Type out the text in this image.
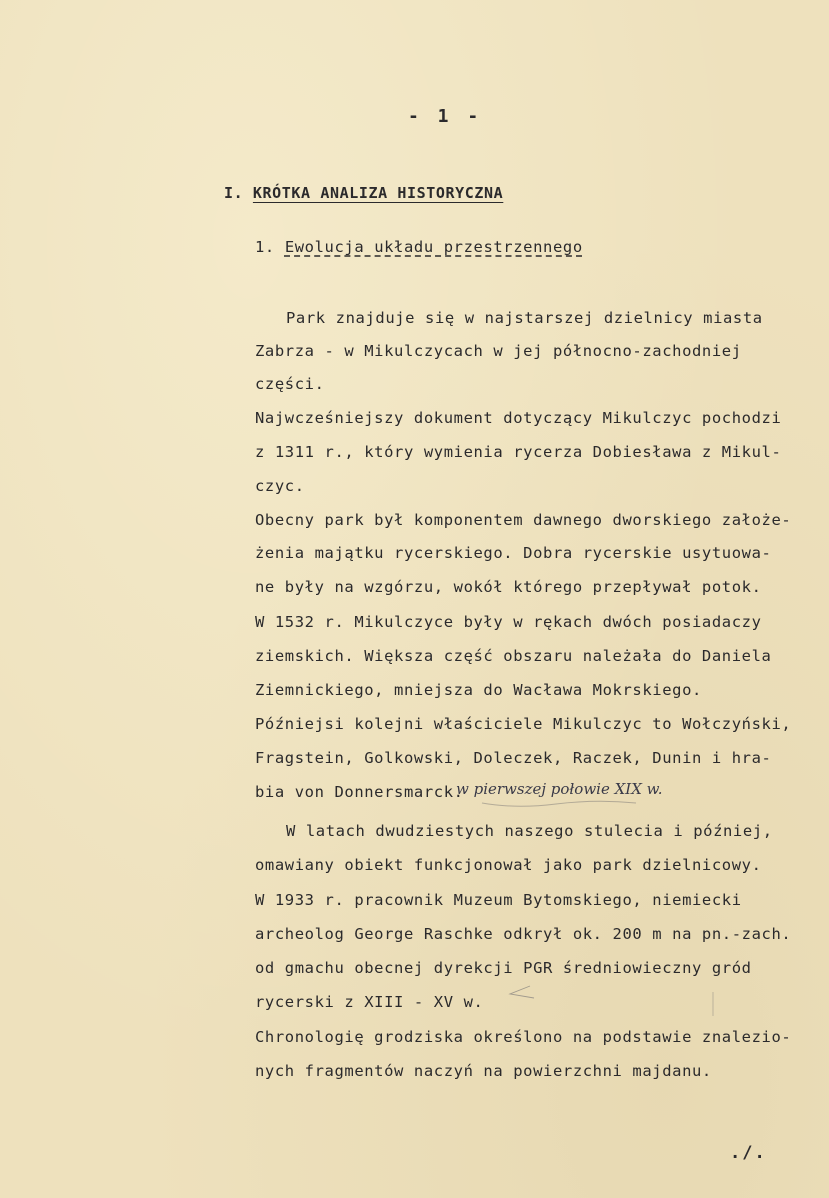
- 1 -
I. KRÓTKA ANALIZA HISTORYCZNA
1. Ewolucja układu przestrzennego
Park znajduje się w najstarszej dzielnicy miasta
Zabrza - w Mikulczycach w jej północno-zachodniej
części.
Najwcześniejszy dokument dotyczący Mikulczyc pochodzi
z 1311 r., który wymienia rycerza Dobiesława z Mikul-
czyc.
Obecny park był komponentem dawnego dworskiego założe-
żenia majątku rycerskiego. Dobra rycerskie usytuowa-
ne były na wzgórzu, wokół którego przepływał potok.
W 1532 r. Mikulczyce były w rękach dwóch posiadaczy
ziemskich. Większa część obszaru należała do Daniela
Ziemnickiego, mniejsza do Wacława Mokrskiego.
Późniejsi kolejni właściciele Mikulczyc to Wołczyński,
Fragstein, Golkowski, Doleczek, Raczek, Dunin i hra-
bia von Donnersmarck.
w pierwszej połowie XIX w.
W latach dwudziestych naszego stulecia i później,
omawiany obiekt funkcjonował jako park dzielnicowy.
W 1933 r. pracownik Muzeum Bytomskiego, niemiecki
archeolog George Raschke odkrył ok. 200 m na pn.-zach.
od gmachu obecnej dyrekcji PGR średniowieczny gród
rycerski z XIII - XV w.
Chronologię grodziska określono na podstawie znalezio-
nych fragmentów naczyń na powierzchni majdanu.
./.
